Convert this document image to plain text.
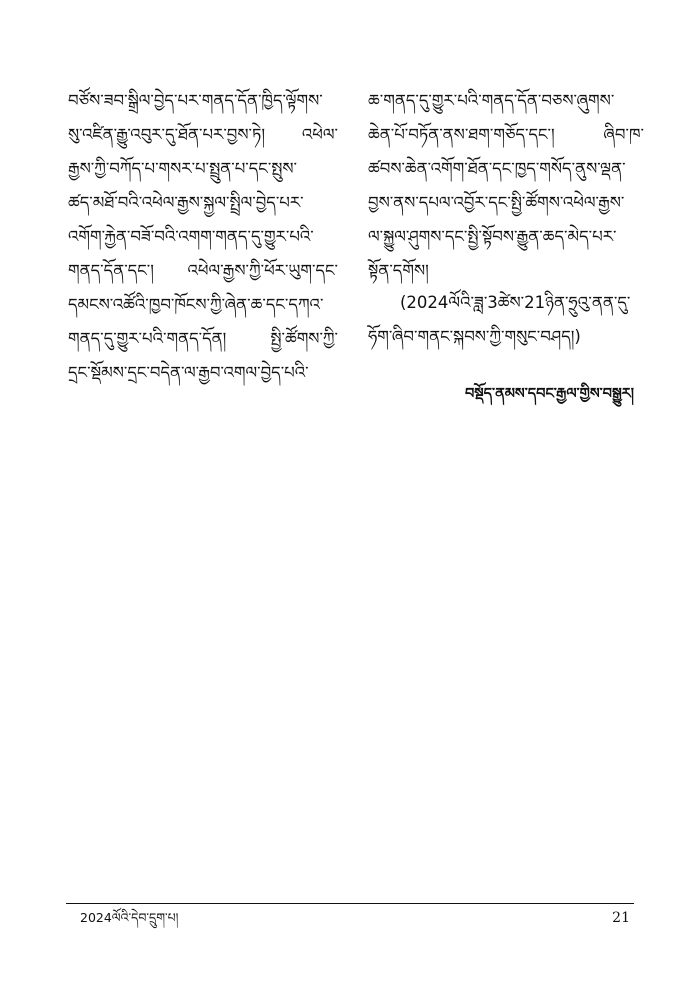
བཙོས་ཟབ་སྒྲིལ་བྱེད་པར་གནད་དོན་ཁྱིད་ལྟོགས་
སུ་འཛིན་རྒྱུ་འབུར་དུ་ཐོན་པར་བྱས་ཏེ། འཕེལ་
རྒྱས་ཀྱི་བཀོད་པ་གསར་པ་སྤྲུན་པ་དང་སྤུས་
ཚད་མཐོ་བའི་འཕེལ་རྒྱས་སྐྱལ་སྤྲིལ་བྱེད་པར་
འགོག་རྐྱེན་བཟོ་བའི་འགག་གནད་དུ་གྱུར་པའི་
གནད་དོན་དང་། འཕེལ་རྒྱས་ཀྱི་ཕོར་ཡུག་དང་
དམངས་འཚོའི་ཁྱབ་ཁོངས་ཀྱི་ཞེན་ཆ་དང་དཀའ་
གནད་དུ་གྱུར་པའི་གནད་དོན། སྤྱི་ཚོགས་ཀྱི་
དྲང་སྡོམས་དྲང་བདེན་ལ་རྒྱབ་འགལ་བྱེད་པའི་
ཆ་གནད་དུ་གྱུར་པའི་གནད་དོན་བཅས་ཞུགས་
ཆེན་པོ་བཏོན་ནས་ཐག་གཅོད་དང་། ཞིབ་ཁ་
ཚབས་ཆེན་འགོག་ཐོན་དང་ཁྱད་གསོད་ནུས་ལྡན་
བྱས་ནས་དཔལ་འབྱོར་དང་སྤྱི་ཚོགས་འཕེལ་རྒྱས་
ལ་སྐྱུལ་ཤུགས་དང་སྤྱི་སྟོབས་རྒྱུན་ཆད་མེད་པར་
སྟོན་དགོས།
(2024ལོའི་ཟླ་3ཚེས་21ཉིན་ཧྲུའུ་ནན་དུ་
ཧོག་ཞིབ་གནང་སྐབས་ཀྱི་གསུང་བཤད།)
བསྡོད་ནམས་དབང་རྒྱལ་གྱིས་བསྒྱུར།
2024ལོའི་དེབ་དྲུག་པ།	21
